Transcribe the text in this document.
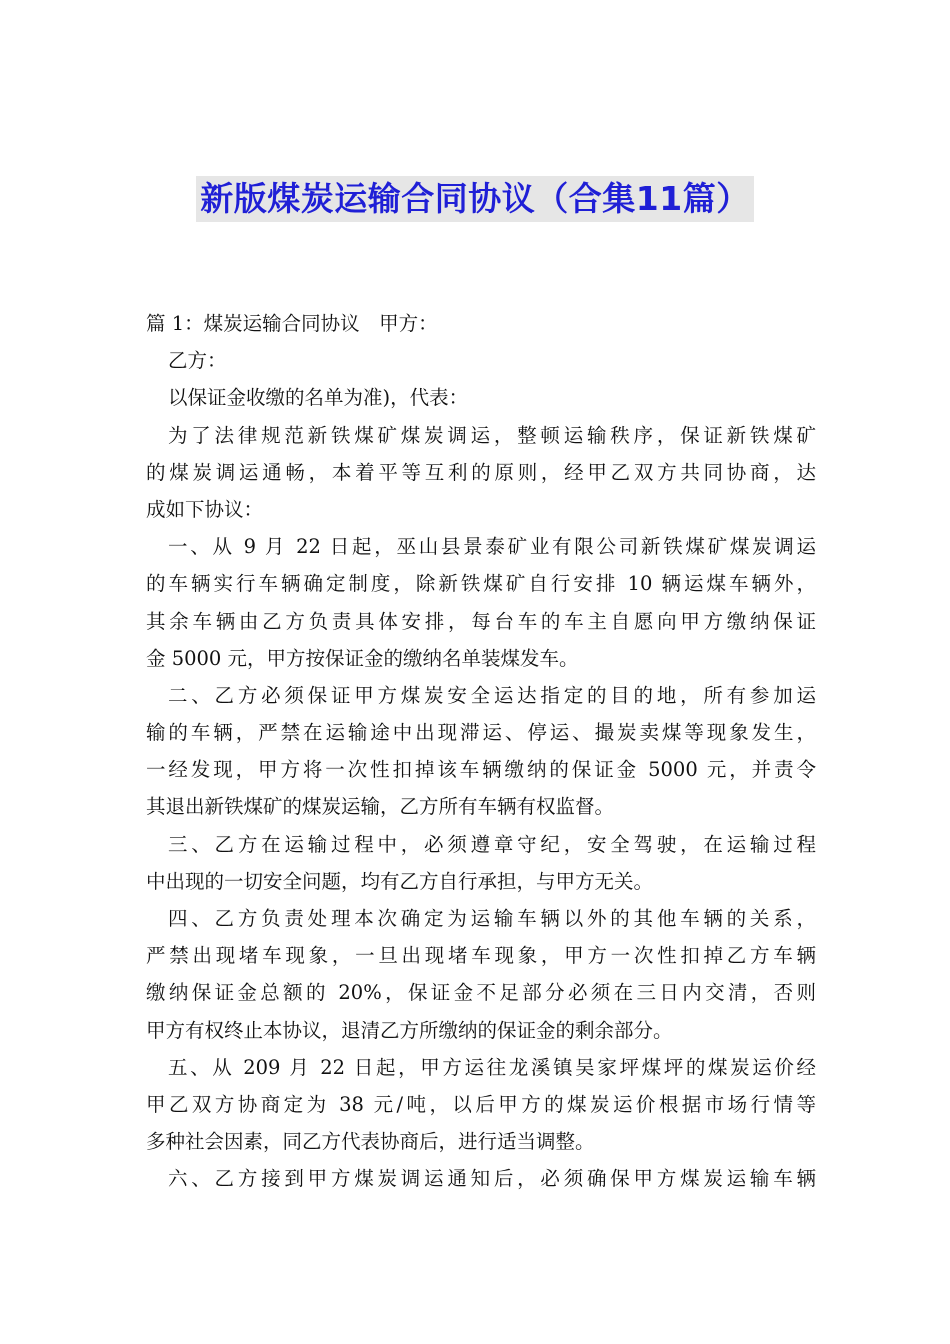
新版煤炭运输合同协议（合集11篇）
篇 1：煤炭运输合同协议　甲方：
乙方：
以保证金收缴的名单为准)，代表：
为了法律规范新铁煤矿煤炭调运，整顿运输秩序，保证新铁煤矿
的煤炭调运通畅，本着平等互利的原则，经甲乙双方共同协商，达
成如下协议：
一、从 9 月 22 日起，巫山县景泰矿业有限公司新铁煤矿煤炭调运
的车辆实行车辆确定制度，除新铁煤矿自行安排 10 辆运煤车辆外，
其余车辆由乙方负责具体安排，每台车的车主自愿向甲方缴纳保证
金 5000 元，甲方按保证金的缴纳名单装煤发车。
二、乙方必须保证甲方煤炭安全运达指定的目的地，所有参加运
输的车辆，严禁在运输途中出现滞运、停运、撮炭卖煤等现象发生，
一经发现，甲方将一次性扣掉该车辆缴纳的保证金 5000 元，并责令
其退出新铁煤矿的煤炭运输，乙方所有车辆有权监督。
三、乙方在运输过程中，必须遵章守纪，安全驾驶，在运输过程
中出现的一切安全问题，均有乙方自行承担，与甲方无关。
四、乙方负责处理本次确定为运输车辆以外的其他车辆的关系，
严禁出现堵车现象，一旦出现堵车现象，甲方一次性扣掉乙方车辆
缴纳保证金总额的 20%，保证金不足部分必须在三日内交清，否则
甲方有权终止本协议，退清乙方所缴纳的保证金的剩余部分。
五、从 209 月 22 日起，甲方运往龙溪镇吴家坪煤坪的煤炭运价经
甲乙双方协商定为 38 元/吨，以后甲方的煤炭运价根据市场行情等
多种社会因素，同乙方代表协商后，进行适当调整。
六、乙方接到甲方煤炭调运通知后，必须确保甲方煤炭运输车辆
